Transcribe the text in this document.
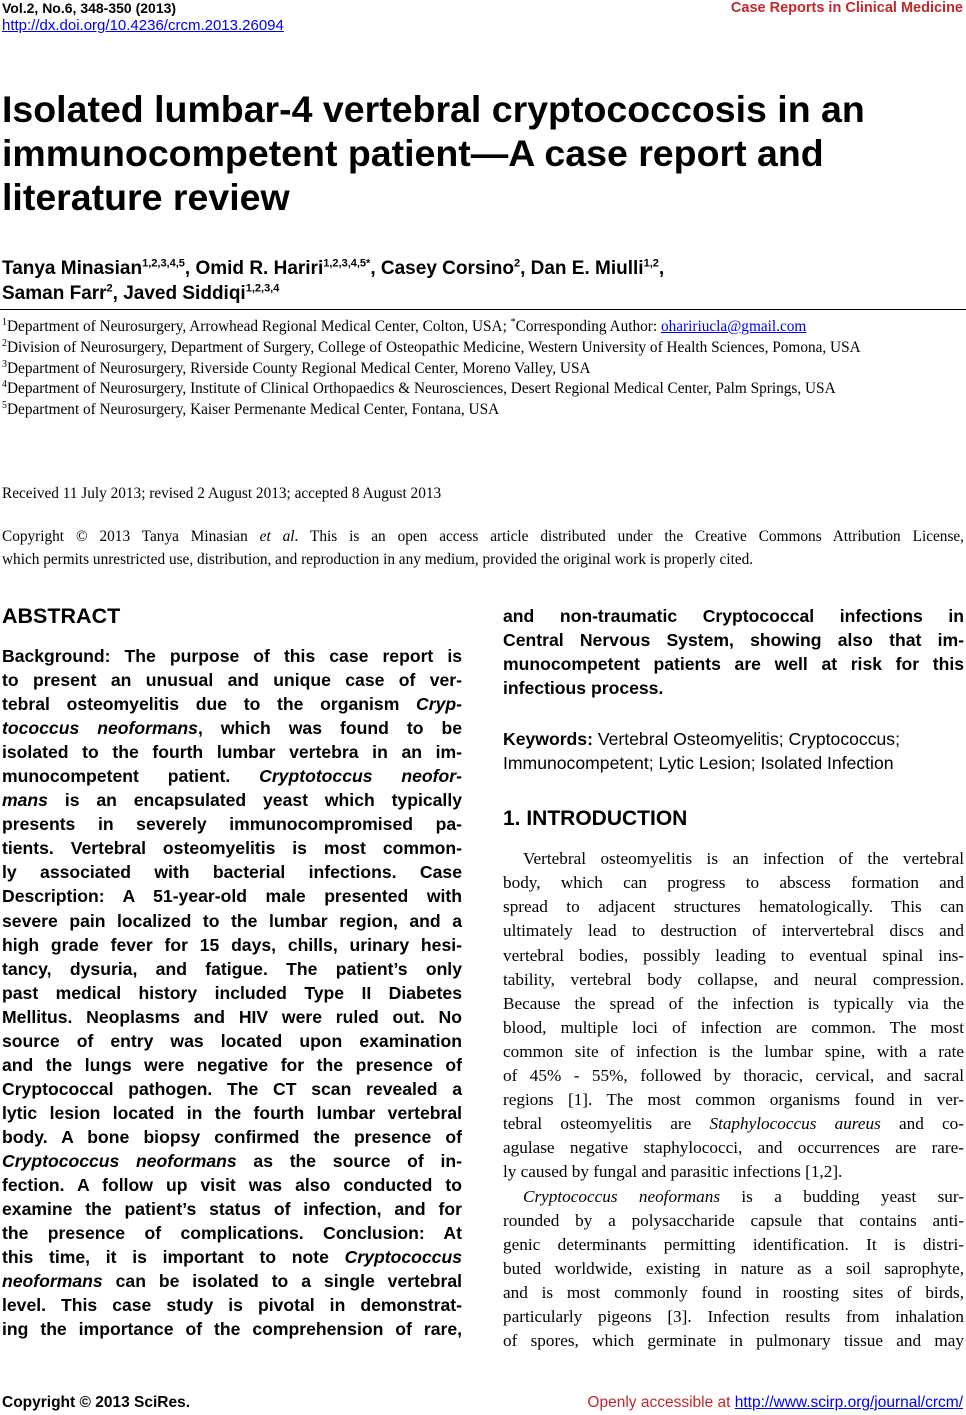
Vol.2, No.6, 348-350 (2013)
http://dx.doi.org/10.4236/crcm.2013.26094
Case Reports in Clinical Medicine
Isolated lumbar-4 vertebral cryptococcosis in an immunocompetent patient—A case report and literature review
Tanya Minasian$^{1,2,3,4,5}$, Omid R. Hariri$^{1,2,3,4,5*}$, Casey Corsino$^2$, Dan E. Miulli$^{1,2}$,
Saman Farr$^2$, Javed Siddiqi$^{1,2,3,4}$

$^1$Department of Neurosurgery, Arrowhead Regional Medical Center, Colton, USA; *Corresponding Author: ohariri​ucla@gmail.com

$^2$Division of Neurosurgery, Department of Surgery, College of Osteopathic Medicine, Western University of Health Sciences, Pomona, USA

$^3$Department of Neurosurgery, Riverside County Regional Medical Center, Moreno Valley, USA

$^4$Department of Neurosurgery, Institute of Clinical Orthopaedics & Neurosciences, Desert Regional Medical Center, Palm Springs, USA

$^5$Department of Neurosurgery, Kaiser Permenante Medical Center, Fontana, USA

Received 11 July 2013; revised 2 August 2013; accepted 8 August 2013
Copyright © 2013 Tanya Minasian et al. This is an open access article distributed under the Creative Commons Attribution License,
which permits unrestricted use, distribution, and reproduction in any medium, provided the original work is properly cited.
ABSTRACT
Background: The purpose of this case report is
to present an unusual and unique case of ver-
tebral osteomyelitis due to the organism Cryp-
tococcus neoformans, which was found to be
isolated to the fourth lumbar vertebra in an im-
munocompetent patient. Cryptotoccus neofor-
mans is an encapsulated yeast which typically
presents in severely immunocompromised pa-
tients. Vertebral osteomyelitis is most common-
ly associated with bacterial infections. Case
Description: A 51-year-old male presented with
severe pain localized to the lumbar region, and a
high grade fever for 15 days, chills, urinary hesi-
tancy, dysuria, and fatigue. The patient’s only
past medical history included Type II Diabetes
Mellitus. Neoplasms and HIV were ruled out. No
source of entry was located upon examination
and the lungs were negative for the presence of
Cryptococcal pathogen. The CT scan revealed a
lytic lesion located in the fourth lumbar vertebral
body. A bone biopsy confirmed the presence of
Cryptococcus neoformans as the source of in-
fection. A follow up visit was also conducted to
examine the patient’s status of infection, and for
the presence of complications. Conclusion: At
this time, it is important to note Cryptococcus
neoformans can be isolated to a single vertebral
level. This case study is pivotal in demonstrat-
ing the importance of the comprehension of rare,
and non-traumatic Cryptococcal infections in
Central Nervous System, showing also that im-
munocompetent patients are well at risk for this
infectious process.
Keywords: Vertebral Osteomyelitis; Cryptococcus;
Immunocompetent; Lytic Lesion; Isolated Infection
1. INTRODUCTION
Vertebral osteomyelitis is an infection of the vertebral
body, which can progress to abscess formation and
spread to adjacent structures hematologically. This can
ultimately lead to destruction of intervertebral discs and
vertebral bodies, possibly leading to eventual spinal ins-
tability, vertebral body collapse, and neural compression.
Because the spread of the infection is typically via the
blood, multiple loci of infection are common. The most
common site of infection is the lumbar spine, with a rate
of 45% - 55%, followed by thoracic, cervical, and sacral
regions [1]. The most common organisms found in ver-
tebral osteomyelitis are Staphylococcus aureus and co-
agulase negative staphylococci, and occurrences are rare-
ly caused by fungal and parasitic infections [1,2].
Cryptococcus neoformans is a budding yeast sur-
rounded by a polysaccharide capsule that contains anti-
genic determinants permitting identification. It is distri-
buted worldwide, existing in nature as a soil saprophyte,
and is most commonly found in roosting sites of birds,
particularly pigeons [3]. Infection results from inhalation
of spores, which germinate in pulmonary tissue and may
Copyright © 2013 SciRes.	Openly accessible at http://www.scirp.org/journal/crcm/
